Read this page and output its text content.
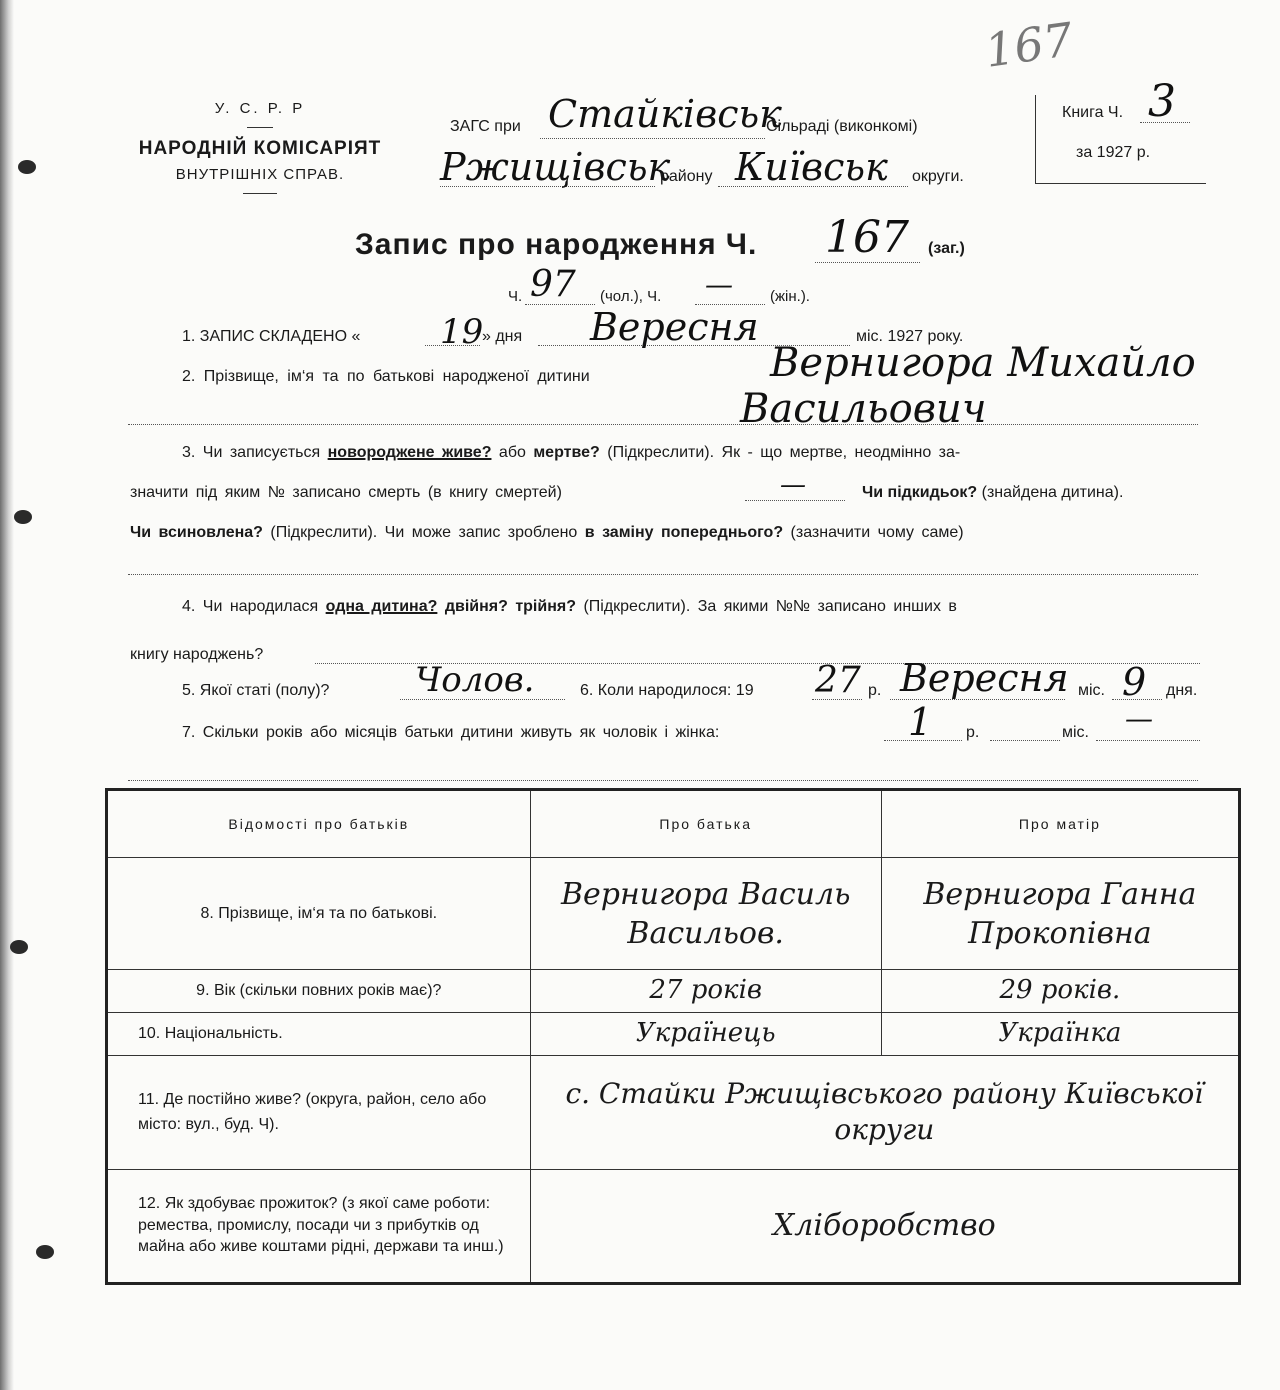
167
У. С. Р. Р
НАРОДНІЙ КОМІСАРІЯТ
ВНУТРІШНІХ СПРАВ.
ЗАГС при Стайківськ
Сільраді (виконкомі)
Ржищівськ
району Київськ округи.
Книга Ч. 3
за 1927 р.
Запис про народження Ч. 167 (заг.)
Ч. 97 (чол.), Ч. — (жін.).
1. ЗАПИС СКЛАДЕНО « 19
» дня Вересня	міс. 1927 року.
2. Прізвище, ім‘я та по батькові народженої дитини	Вернигора Михайло
Васильович
3. Чи записується новороджене живе? або мертве? (Підкреслити). Як - що мертве, неодмінно за-
значити під яким № записано смерть (в книгу смертей)	—	Чи підкидьок? (знайдена дитина).
Чи всиновлена? (Підкреслити). Чи може запис зроблено в заміну попереднього? (зазначити чому саме)
4. Чи народилася одна дитина? двійня? трійня? (Підкреслити). За якими №№ записано инших в
книгу народжень?
5. Якої статі (полу)?	Чолов.	6. Коли народилося: 19 27 р. Вересня міс. 9 дня.
7. Скільки років або місяців батьки дитини живуть як чоловік і жінка:	1 р.	міс. —
Відомості про батьків	Про батька	Про матір
8. Прізвище, ім‘я та по батькові.	Вернигора Василь Васильов.	Вернигора Ганна Прокопівна
9. Вік (скільки повних років має)?	27 років	29 років.
10. Національність.	Українець	Українка
11. Де постійно живе? (округа, район, село або місто: вул., буд. Ч).	с. Стайки Ржищівського району Київської округи	
12. Як здобуває прожиток? (з якої саме роботи: ремества, промислу, посади чи з прибутків од майна або живе коштами рідні, держави та инш.)	Хліборобство	
